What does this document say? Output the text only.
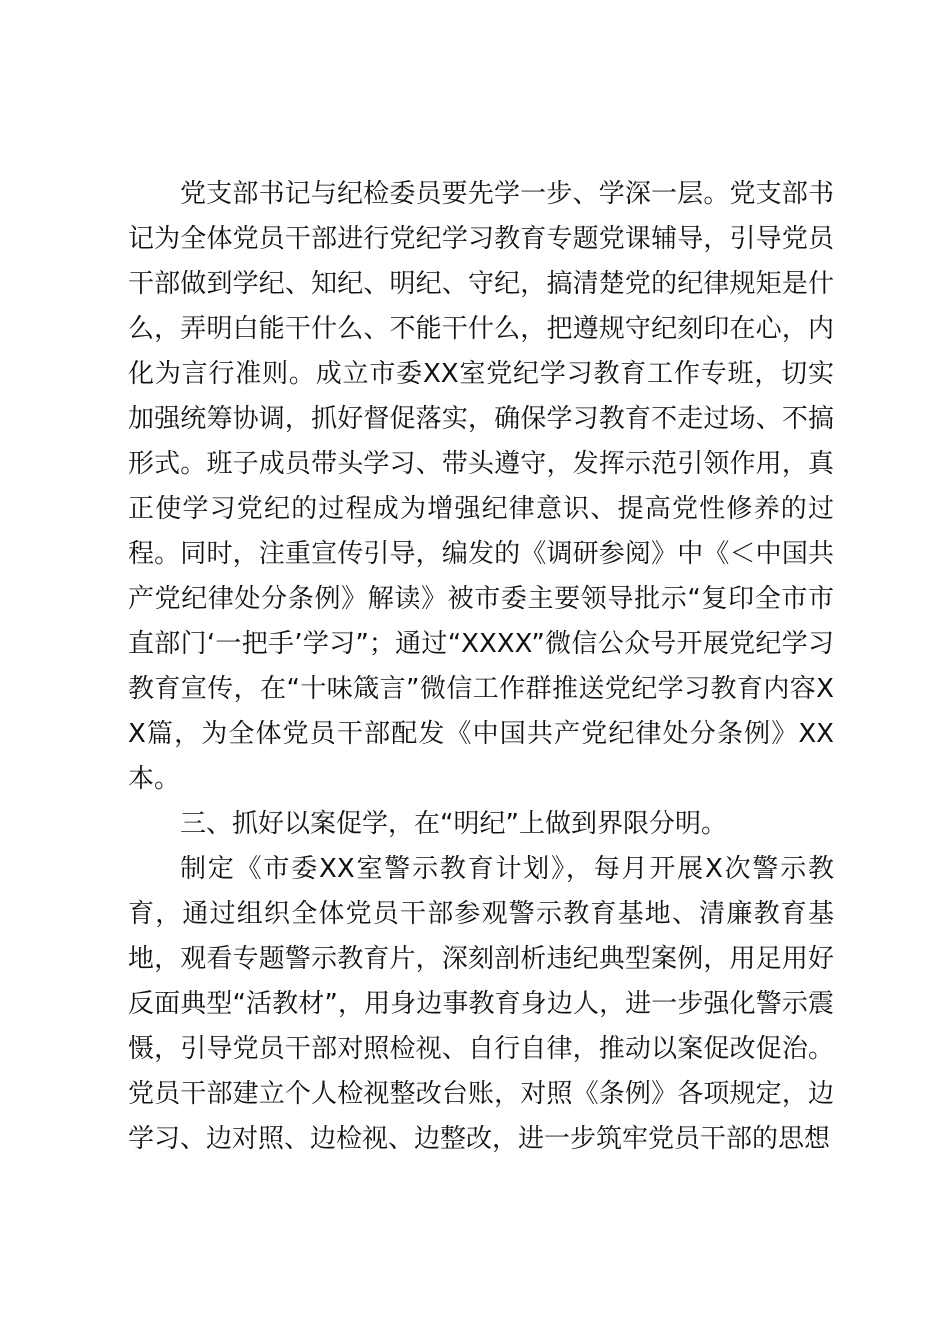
党支部书记与纪检委员要先学一步、学深一层。党支部书记为全体党员干部进行党纪学习教育专题党课辅导，引导党员干部做到学纪、知纪、明纪、守纪，搞清楚党的纪律规矩是什么，弄明白能干什么、不能干什么，把遵规守纪刻印在心，内化为言行准则。成立市委XX室党纪学习教育工作专班，切实加强统筹协调，抓好督促落实，确保学习教育不走过场、不搞形式。班子成员带头学习、带头遵守，发挥示范引领作用，真正使学习党纪的过程成为增强纪律意识、提高党性修养的过程。同时，注重宣传引导，编发的《调研参阅》中《＜中国共产党纪律处分条例》解读》被市委主要领导批示“复印全市市直部门‘一把手’学习”；通过“XXXX”微信公众号开展党纪学习教育宣传，在“十味箴言”微信工作群推送党纪学习教育内容XX篇，为全体党员干部配发《中国共产党纪律处分条例》XX本。

三、抓好以案促学，在“明纪”上做到界限分明。

制定《市委XX室警示教育计划》，每月开展X次警示教育，通过组织全体党员干部参观警示教育基地、清廉教育基地，观看专题警示教育片，深刻剖析违纪典型案例，用足用好反面典型“活教材”，用身边事教育身边人，进一步强化警示震慑，引导党员干部对照检视、自行自律，推动以案促改促治。党员干部建立个人检视整改台账，对照《条例》各项规定，边学习、边对照、边检视、边整改，进一步筑牢党员干部的思想
